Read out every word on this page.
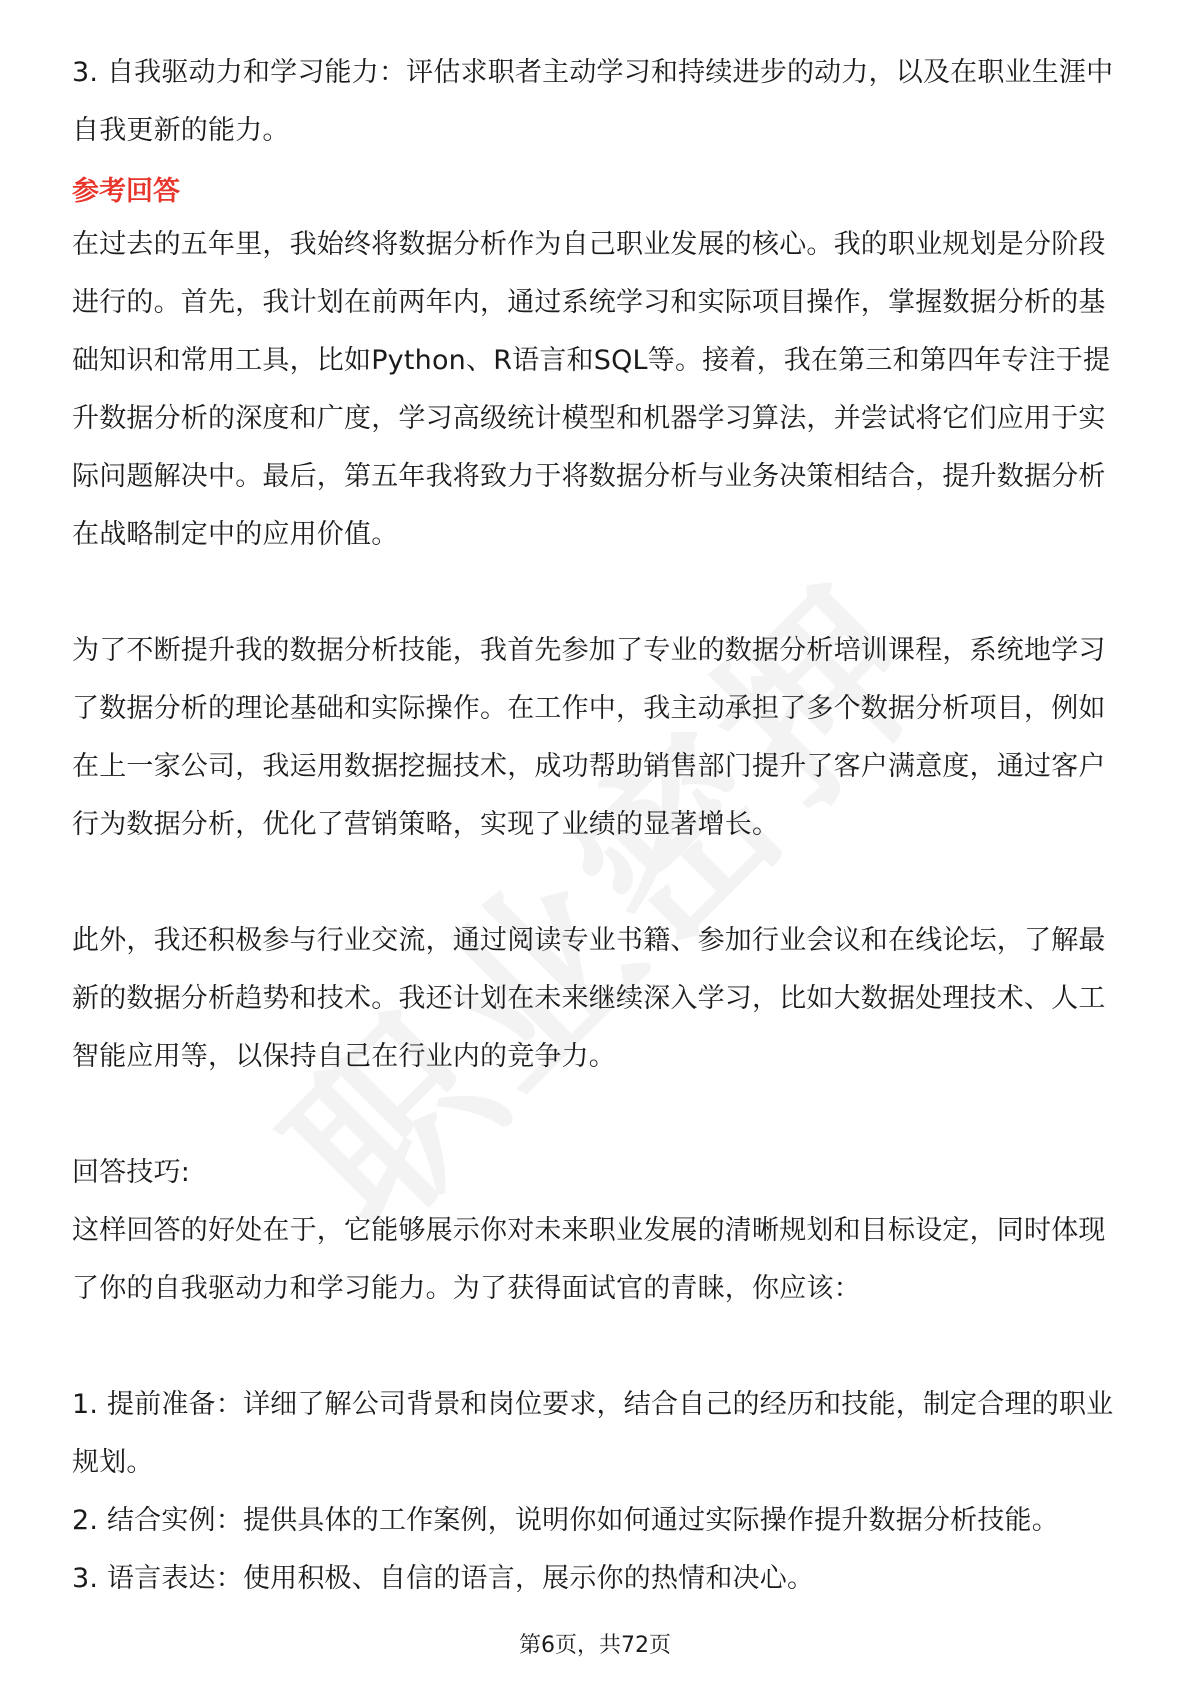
3. 自我驱动力和学习能力：评估求职者主动学习和持续进步的动力，以及在职业生涯中自我更新的能力。

参考回答

在过去的五年里，我始终将数据分析作为自己职业发展的核心。我的职业规划是分阶段进行的。首先，我计划在前两年内，通过系统学习和实际项目操作，掌握数据分析的基础知识和常用工具，比如Python、R语言和SQL等。接着，我在第三和第四年专注于提升数据分析的深度和广度，学习高级统计模型和机器学习算法，并尝试将它们应用于实际问题解决中。最后，第五年我将致力于将数据分析与业务决策相结合，提升数据分析在战略制定中的应用价值。

为了不断提升我的数据分析技能，我首先参加了专业的数据分析培训课程，系统地学习了数据分析的理论基础和实际操作。在工作中，我主动承担了多个数据分析项目，例如在上一家公司，我运用数据挖掘技术，成功帮助销售部门提升了客户满意度，通过客户行为数据分析，优化了营销策略，实现了业绩的显著增长。

此外，我还积极参与行业交流，通过阅读专业书籍、参加行业会议和在线论坛，了解最新的数据分析趋势和技术。我还计划在未来继续深入学习，比如大数据处理技术、人工智能应用等，以保持自己在行业内的竞争力。

回答技巧:

这样回答的好处在于，它能够展示你对未来职业发展的清晰规划和目标设定，同时体现了你的自我驱动力和学习能力。为了获得面试官的青睐，你应该：

1. 提前准备：详细了解公司背景和岗位要求，结合自己的经历和技能，制定合理的职业规划。

2. 结合实例：提供具体的工作案例，说明你如何通过实际操作提升数据分析技能。

3. 语言表达：使用积极、自信的语言，展示你的热情和决心。

第6页，共72页
